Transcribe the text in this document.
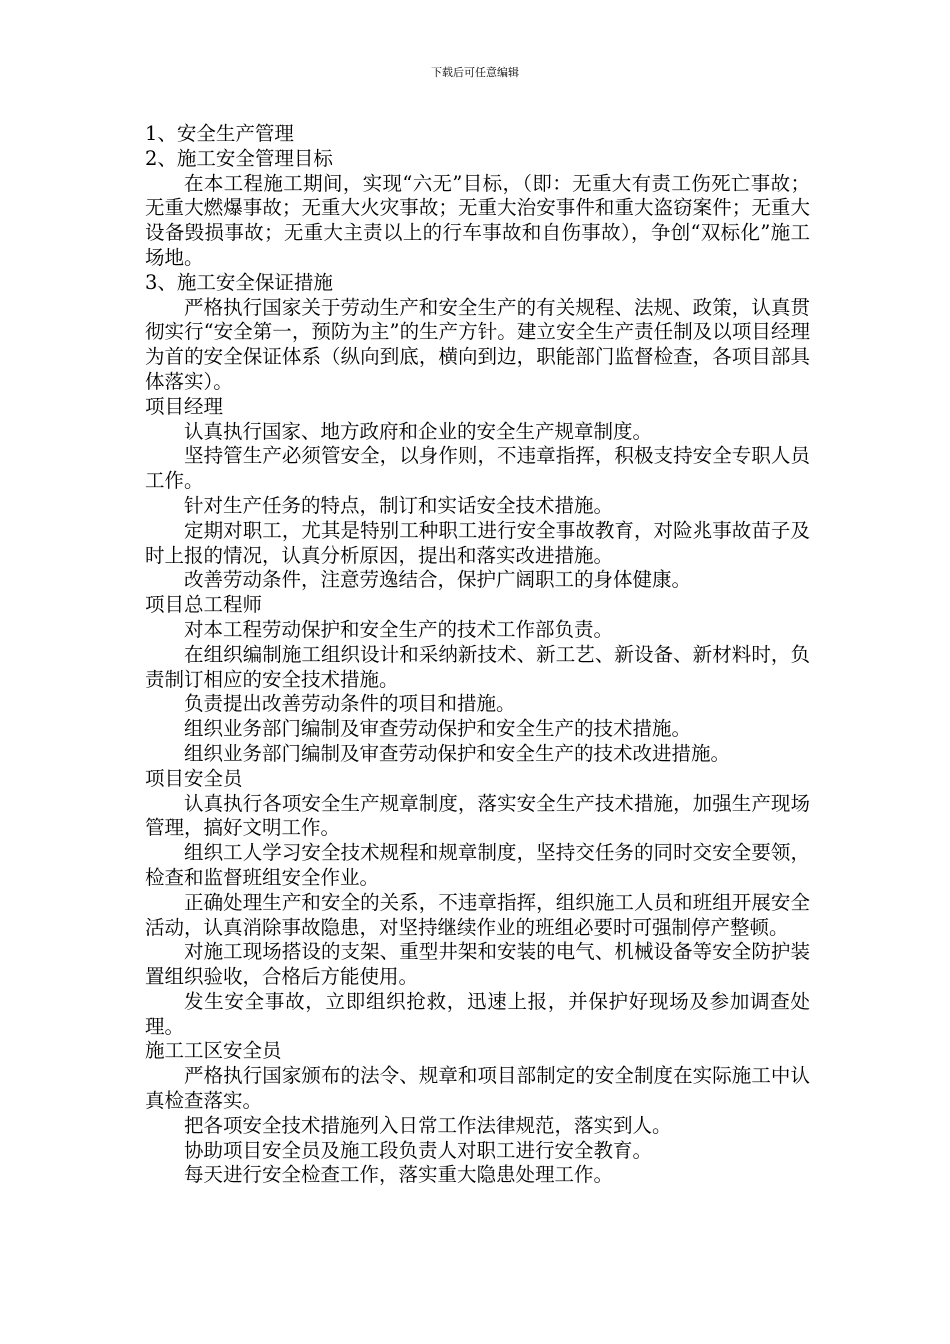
下载后可任意编辑

1、安全生产管理

2、施工安全管理目标

在本工程施工期间，实现“六无”目标，（即：无重大有责工伤死亡事故；无重大燃爆事故；无重大火灾事故；无重大治安事件和重大盗窃案件；无重大设备毁损事故；无重大主责以上的行车事故和自伤事故），争创“双标化”施工场地。

3、施工安全保证措施

严格执行国家关于劳动生产和安全生产的有关规程、法规、政策，认真贯彻实行“安全第一，预防为主”的生产方针。建立安全生产责任制及以项目经理为首的安全保证体系（纵向到底，横向到边，职能部门监督检查，各项目部具体落实）。

项目经理

认真执行国家、地方政府和企业的安全生产规章制度。

坚持管生产必须管安全，以身作则，不违章指挥，积极支持安全专职人员工作。

针对生产任务的特点，制订和实话安全技术措施。

定期对职工，尤其是特别工种职工进行安全事故教育，对险兆事故苗子及时上报的情况，认真分析原因，提出和落实改进措施。

改善劳动条件，注意劳逸结合，保护广阔职工的身体健康。

项目总工程师

对本工程劳动保护和安全生产的技术工作部负责。

在组织编制施工组织设计和采纳新技术、新工艺、新设备、新材料时，负责制订相应的安全技术措施。

负责提出改善劳动条件的项目和措施。

组织业务部门编制及审查劳动保护和安全生产的技术措施。

组织业务部门编制及审查劳动保护和安全生产的技术改进措施。

项目安全员

认真执行各项安全生产规章制度，落实安全生产技术措施，加强生产现场管理，搞好文明工作。

组织工人学习安全技术规程和规章制度，坚持交任务的同时交安全要领，检查和监督班组安全作业。

正确处理生产和安全的关系，不违章指挥，组织施工人员和班组开展安全活动，认真消除事故隐患，对坚持继续作业的班组必要时可强制停产整顿。

对施工现场搭设的支架、重型井架和安装的电气、机械设备等安全防护装置组织验收，合格后方能使用。

发生安全事故，立即组织抢救，迅速上报，并保护好现场及参加调查处理。

施工工区安全员

严格执行国家颁布的法令、规章和项目部制定的安全制度在实际施工中认真检查落实。

把各项安全技术措施列入日常工作法律规范，落实到人。

协助项目安全员及施工段负责人对职工进行安全教育。

每天进行安全检查工作，落实重大隐患处理工作。
